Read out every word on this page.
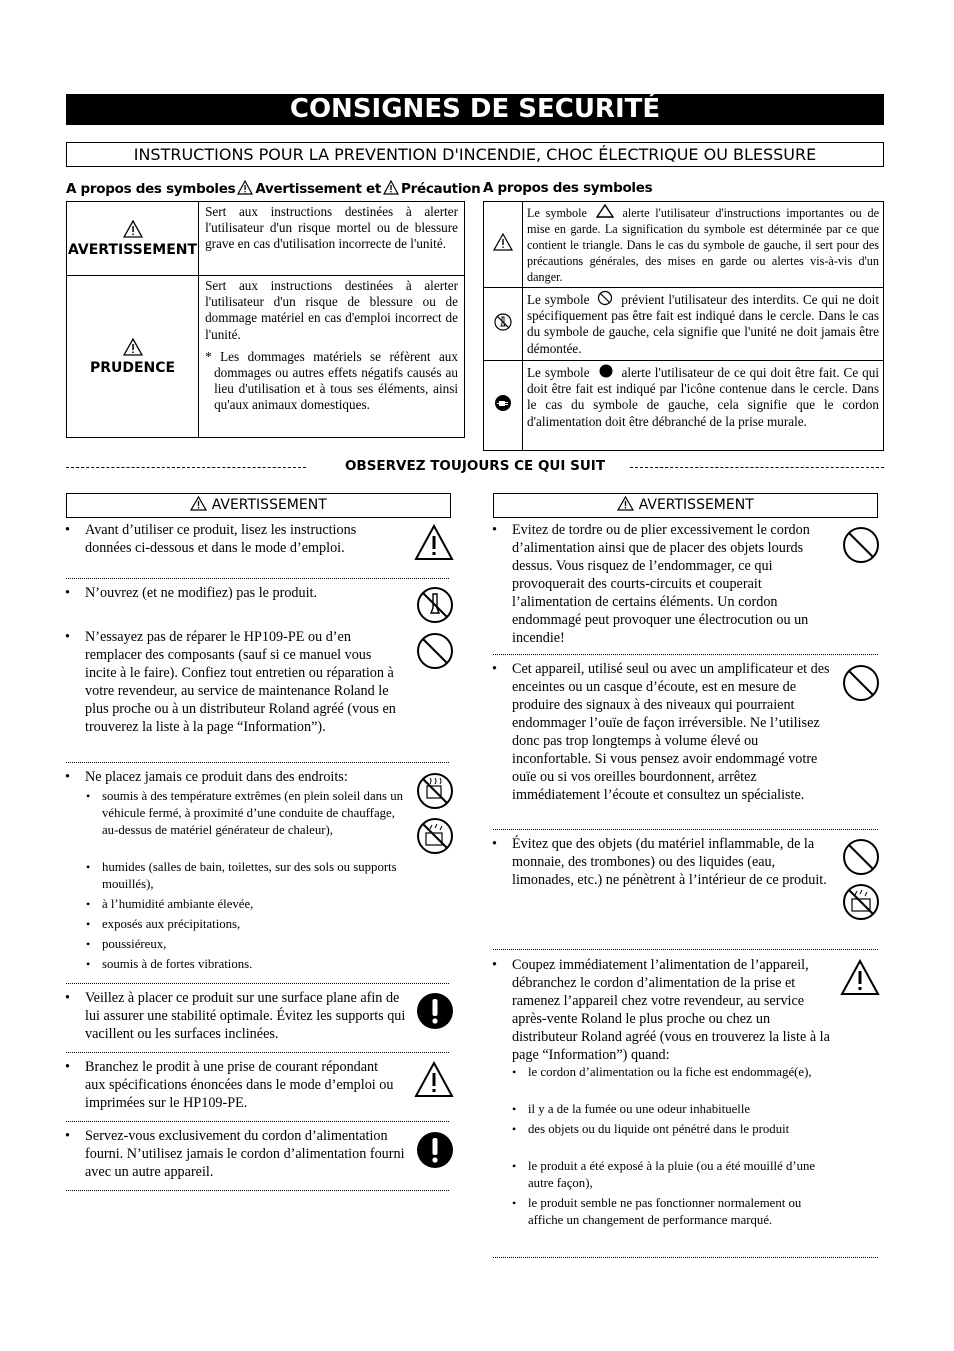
CONSIGNES DE SECURITÉ
INSTRUCTIONS POUR LA PREVENTION D'INCENDIE, CHOC ÉLECTRIQUE OU BLESSURE
A propos des symboles Avertissement et Précaution
AVERTISSEMENT	Sert aux instructions destinées à alerter l'utilisateur d'un risque mortel ou de blessure grave en cas d'utilisation incorrecte de l'unité.

PRUDENCE	Sert aux instructions destinées à alerter l'utilisateur d'un risque de blessure ou de dommage matériel en cas d'emploi incorrect de l'unité.
* Les dommages matériels se réfèrent aux dommages ou autres effets négatifs causés au lieu d'utilisation et à tous ses éléments, ainsi qu'aux animaux domestiques.
A propos des symboles
	Le symbole alerte l'utilisateur d'instructions importantes ou de mise en garde. La signification du symbole est déterminée par ce que contient le triangle. Dans le cas du symbole de gauche, il sert pour des précautions générales, des mises en garde ou alertes vis-à-vis d'un danger.
	Le symbole prévient l'utilisateur des interdits. Ce qui ne doit spécifiquement pas être fait est indiqué dans le cercle. Dans le cas du symbole de gauche, cela signifie que l'unité ne doit jamais être démontée.
	Le symbole alerte l'utilisateur de ce qui doit être fait. Ce qui doit être fait est indiqué par l'icône contenue dans le cercle. Dans le cas du symbole de gauche, cela signifie que le cordon d'alimentation doit être débranché de la prise murale.
OBSERVEZ TOUJOURS CE QUI SUIT
AVERTISSEMENT
• Avant d’utiliser ce produit, lisez les instructions données ci-dessous et dans le mode d’emploi.
• N’ouvrez (et ne modifiez) pas le produit.
• N’essayez pas de réparer le HP109-PE ou d’en remplacer des composants (sauf si ce manuel vous incite à le faire). Confiez tout entretien ou réparation à votre revendeur, au service de maintenance Roland le plus proche ou à un distributeur Roland agréé (vous en trouverez la liste à la page “Information”).
• Ne placez jamais ce produit dans des endroits:
• soumis à des température extrêmes (en plein soleil dans un véhicule fermé, à proximité d’une conduite de chauffage, au-dessus de matériel générateur de chaleur),
• humides (salles de bain, toilettes, sur des sols ou supports mouillés),
• à l’humidité ambiante élevée,
• exposés aux précipitations,
• poussiéreux,
• soumis à de fortes vibrations.
• Veillez à placer ce produit sur une surface plane afin de lui assurer une stabilité optimale. Évitez les supports qui vacillent ou les surfaces inclinées.
• Branchez le prodit à une prise de courant répondant aux spécifications énoncées dans le mode d’emploi ou imprimées sur le HP109-PE.
• Servez-vous exclusivement du cordon d’alimentation fourni. N’utilisez jamais le cordon d’alimentation fourni avec un autre appareil.
AVERTISSEMENT
• Evitez de tordre ou de plier excessivement le cordon d’alimentation ainsi que de placer des objets lourds dessus. Vous risquez de l’endommager, ce qui provoquerait des courts-circuits et couperait l’alimentation de certains éléments. Un cordon endommagé peut provoquer une électrocution ou un incendie!
• Cet appareil, utilisé seul ou avec un amplificateur et des enceintes ou un casque d’écoute, est en mesure de produire des signaux à des niveaux qui pourraient endommager l’ouïe de façon irréversible. Ne l’utilisez donc pas trop longtemps à volume élevé ou inconfortable. Si vous pensez avoir endommagé votre ouïe ou si vos oreilles bourdonnent, arrêtez immédiatement l’écoute et consultez un spécialiste.
• Évitez que des objets (du matériel inflammable, de la monnaie, des trombones) ou des liquides (eau, limonades, etc.) ne pénètrent à l’intérieur de ce produit.
• Coupez immédiatement l’alimentation de l’appareil, débranchez le cordon d’alimentation de la prise et ramenez l’appareil chez votre revendeur, au service après-vente Roland le plus proche ou chez un distributeur Roland agréé (vous en trouverez la liste à la page “Information”) quand:
• le cordon d’alimentation ou la fiche est endommagé(e),
• il y a de la fumée ou une odeur inhabituelle
• des objets ou du liquide ont pénétré dans le produit
• le produit a été exposé à la pluie (ou a été mouillé d’une autre façon),
• le produit semble ne pas fonctionner normalement ou affiche un changement de performance marqué.
